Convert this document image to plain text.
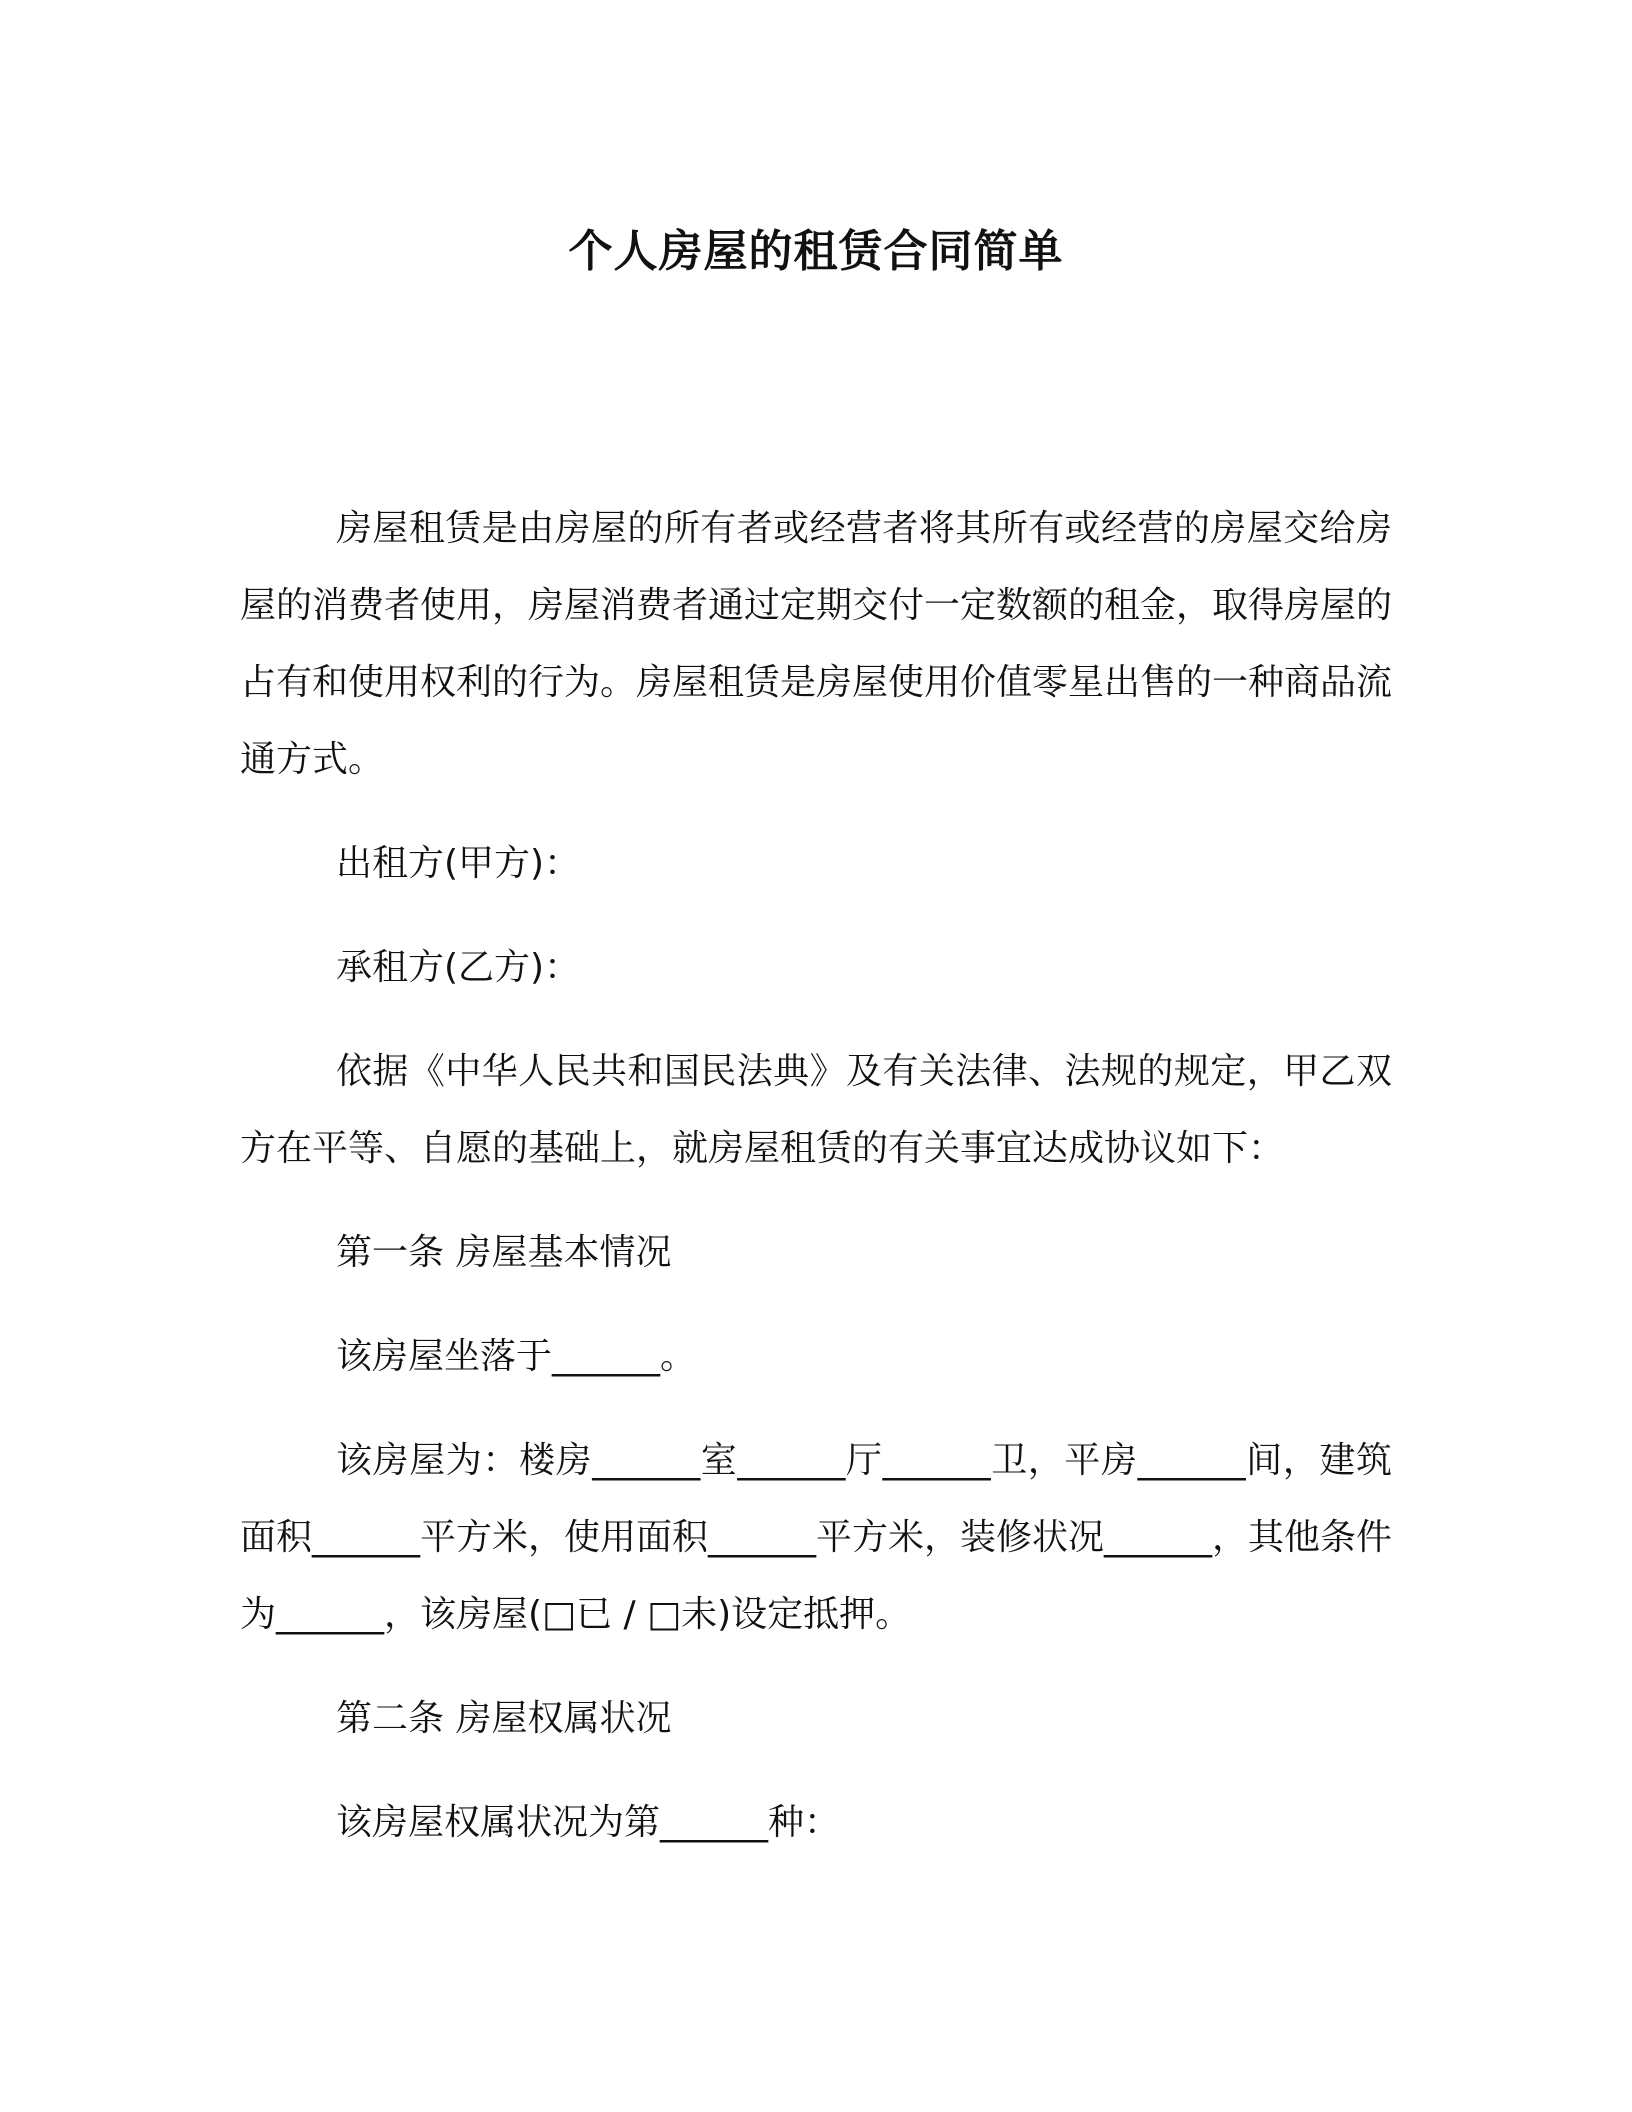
个人房屋的租赁合同简单

房屋租赁是由房屋的所有者或经营者将其所有或经营的房屋交给房屋的消费者使用，房屋消费者通过定期交付一定数额的租金，取得房屋的占有和使用权利的行为。房屋租赁是房屋使用价值零星出售的一种商品流通方式。

出租方(甲方)：

承租方(乙方)：

依据《中华人民共和国民法典》及有关法律、法规的规定，甲乙双方在平等、自愿的基础上，就房屋租赁的有关事宜达成协议如下：

第一条 房屋基本情况

该房屋坐落于______。

该房屋为：楼房______室______厅______卫，平房______间，建筑面积______平方米，使用面积______平方米，装修状况______，其他条件为______，该房屋(□已 / □未)设定抵押。

第二条 房屋权属状况

该房屋权属状况为第______种：
